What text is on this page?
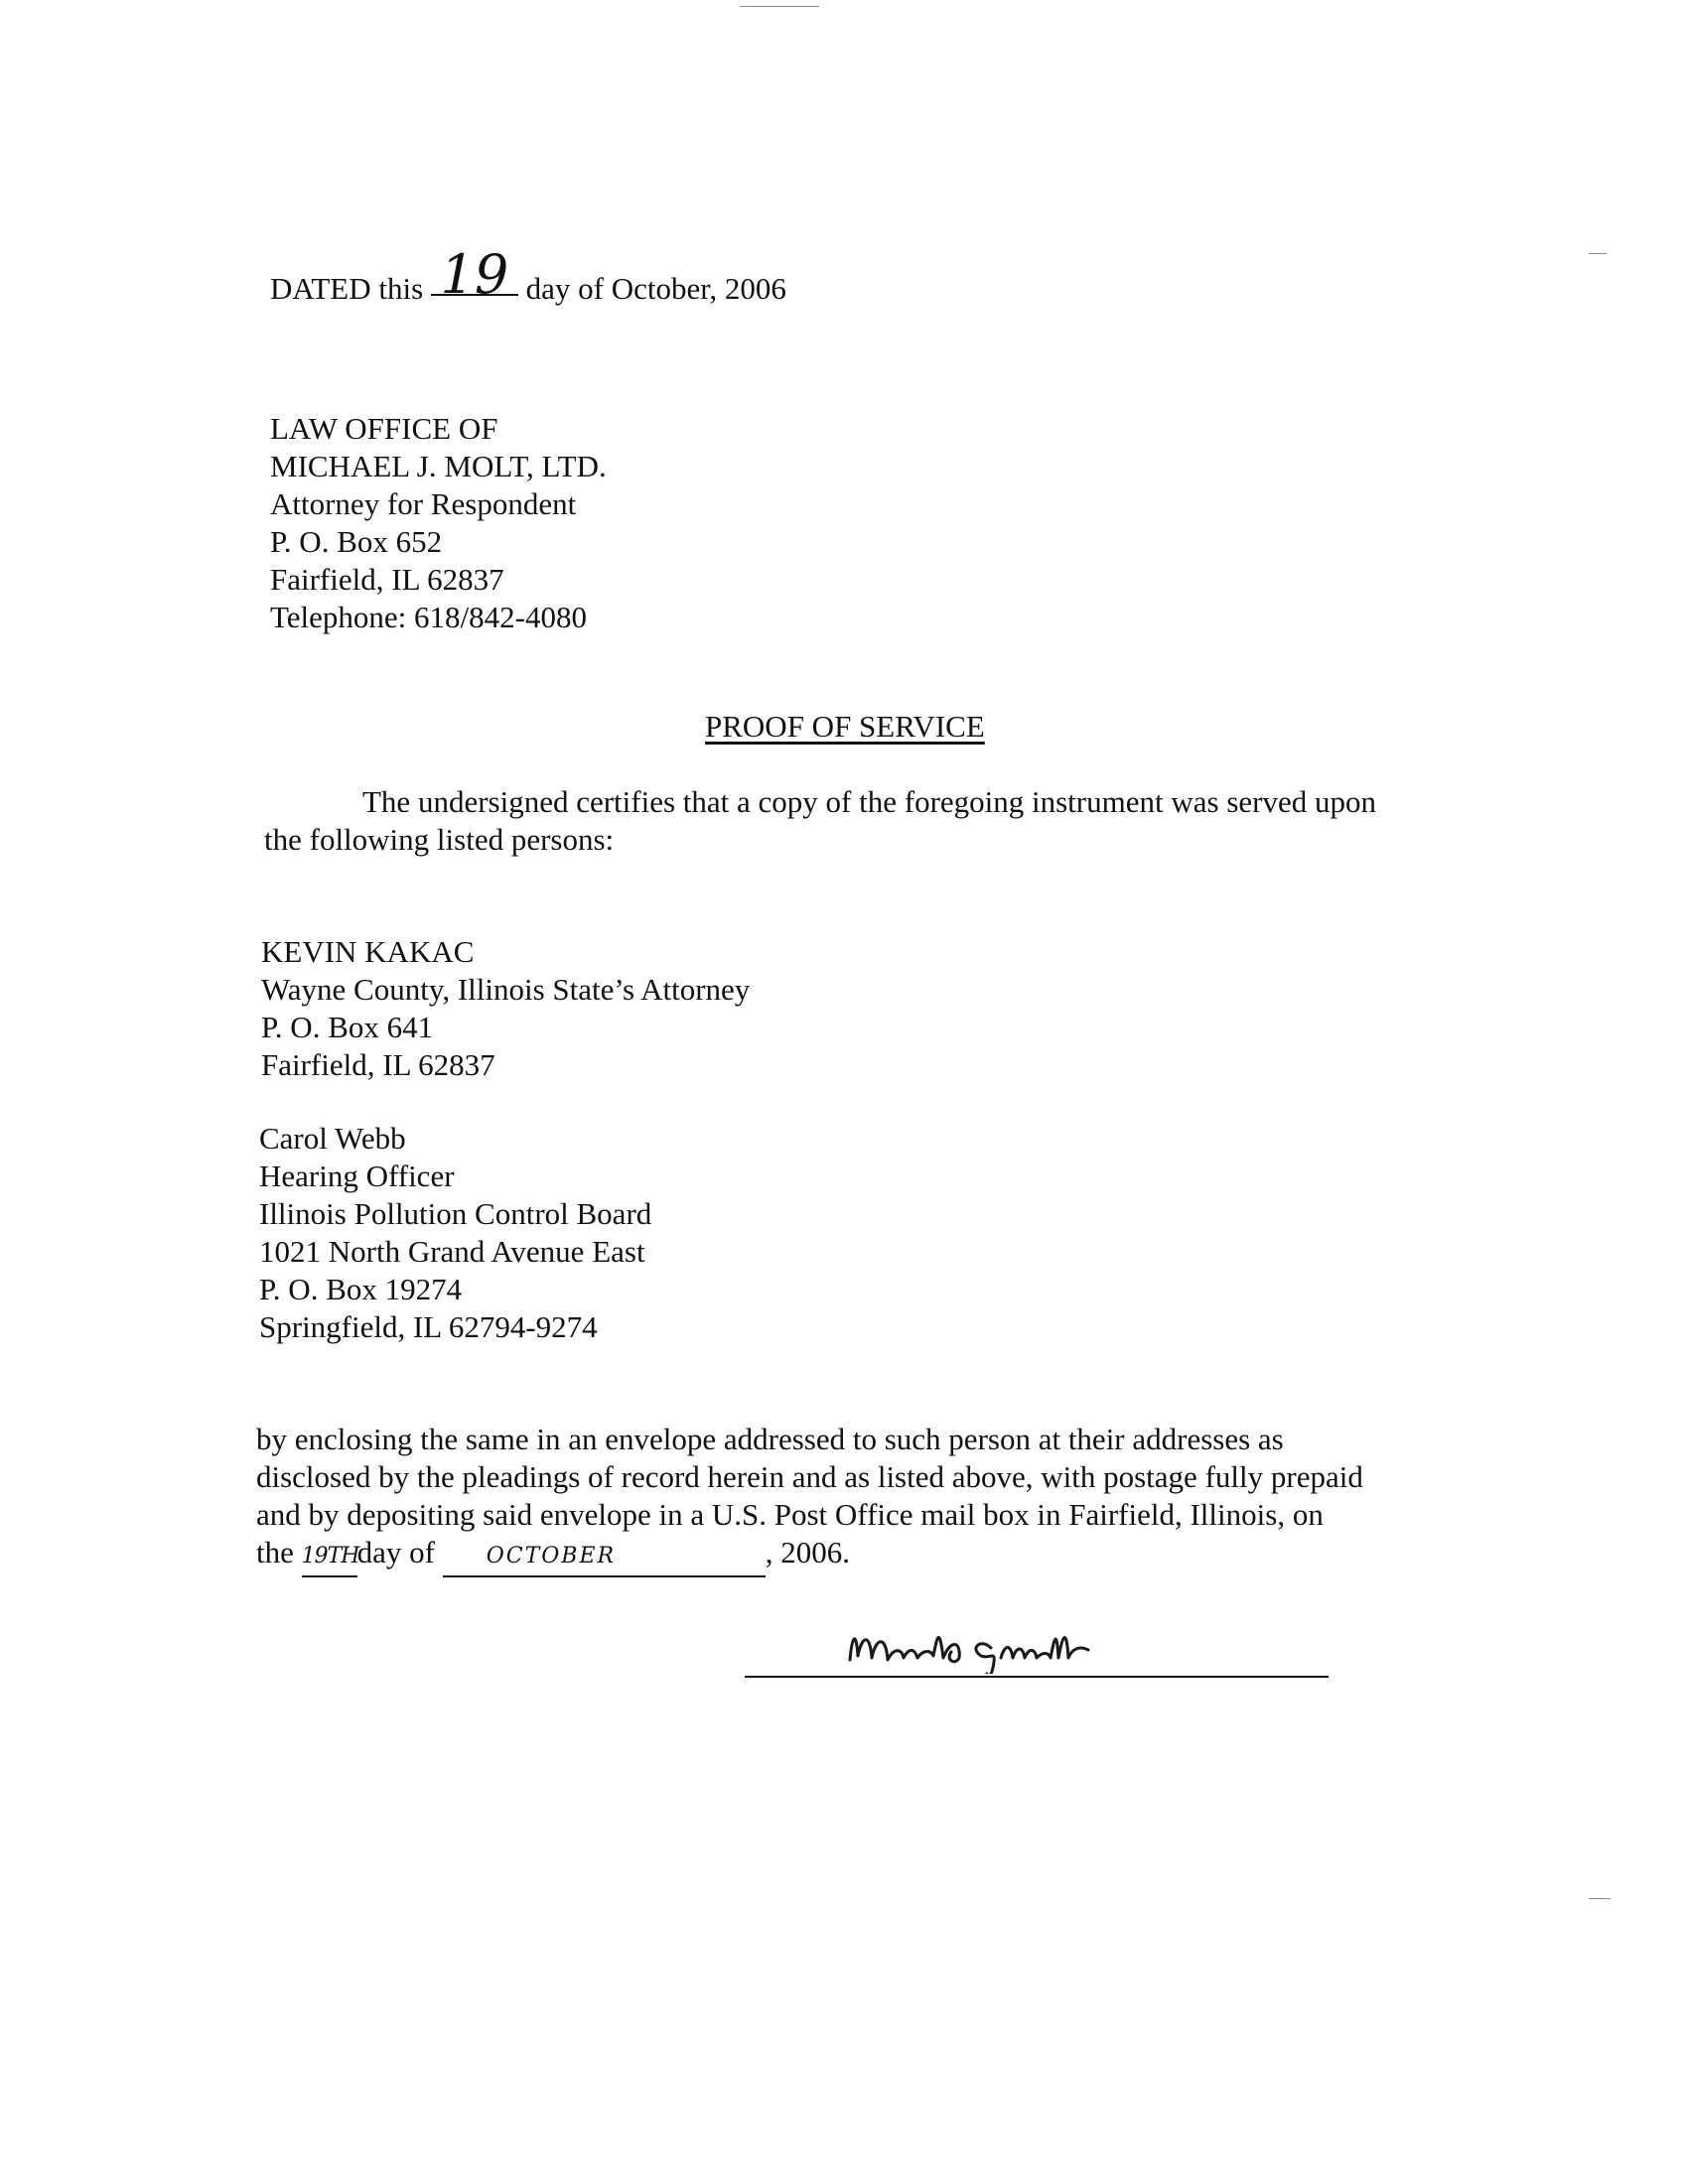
DATED this 19 day of October, 2006
LAW OFFICE OF
MICHAEL J. MOLT, LTD.
Attorney for Respondent
P. O. Box 652
Fairfield, IL 62837
Telephone: 618/842-4080
PROOF OF SERVICE
The undersigned certifies that a copy of the foregoing instrument was served upon
the following listed persons:
KEVIN KAKAC
Wayne County, Illinois State’s Attorney
P. O. Box 641
Fairfield, IL 62837
Carol Webb
Hearing Officer
Illinois Pollution Control Board
1021 North Grand Avenue East
P. O. Box 19274
Springfield, IL 62794-9274
by enclosing the same in an envelope addressed to such person at their addresses as
disclosed by the pleadings of record herein and as listed above, with postage fully prepaid
and by depositing said envelope in a U.S. Post Office mail box in Fairfield, Illinois, on
the 19THday of OCTOBER	, 2006.
